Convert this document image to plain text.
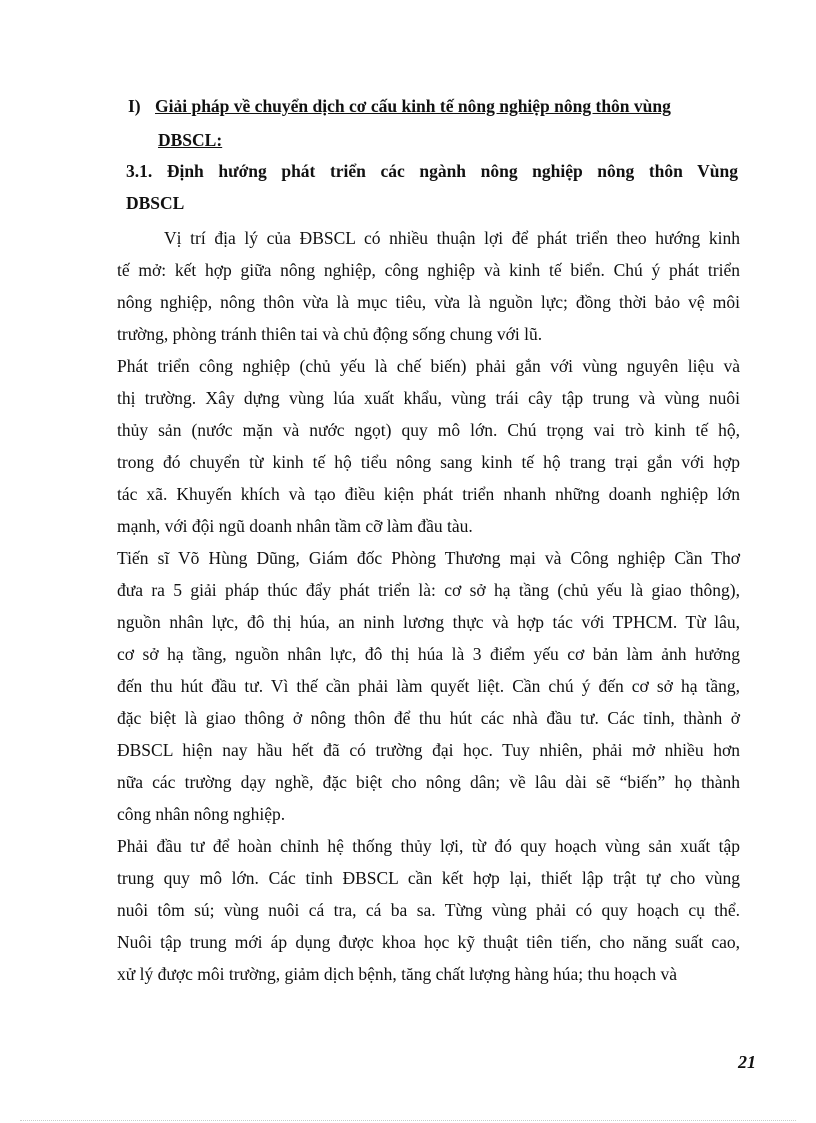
I) Giải pháp về chuyển dịch cơ cấu kinh tế nông nghiệp nông thôn vùng
DBSCL:
3.1. Định hướng phát triển các ngành nông nghiệp nông thôn Vùng
DBSCL
Vị trí địa lý của ĐBSCL có nhiều thuận lợi để phát triển theo hướng kinh
tế mở: kết hợp giữa nông nghiệp, công nghiệp và kinh tế biển. Chú ý phát triển
nông nghiệp, nông thôn vừa là mục tiêu, vừa là nguồn lực; đồng thời bảo vệ môi
trường, phòng tránh thiên tai và chủ động sống chung với lũ.
Phát triển công nghiệp (chủ yếu là chế biến) phải gắn với vùng nguyên liệu và
thị trường. Xây dựng vùng lúa xuất khẩu, vùng trái cây tập trung và vùng nuôi
thủy sản (nước mặn và nước ngọt) quy mô lớn. Chú trọng vai trò kinh tế hộ,
trong đó chuyển từ kinh tế hộ tiểu nông sang kinh tế hộ trang trại gắn với hợp
tác xã. Khuyến khích và tạo điều kiện phát triển nhanh những doanh nghiệp lớn
mạnh, với đội ngũ doanh nhân tầm cỡ làm đầu tàu.
Tiến sĩ Võ Hùng Dũng, Giám đốc Phòng Thương mại và Công nghiệp Cần Thơ
đưa ra 5 giải pháp thúc đẩy phát triển là: cơ sở hạ tầng (chủ yếu là giao thông),
nguồn nhân lực, đô thị húa, an ninh lương thực và hợp tác với TPHCM. Từ lâu,
cơ sở hạ tầng, nguồn nhân lực, đô thị húa là 3 điểm yếu cơ bản làm ảnh hưởng
đến thu hút đầu tư. Vì thế cần phải làm quyết liệt. Cần chú ý đến cơ sở hạ tầng,
đặc biệt là giao thông ở nông thôn để thu hút các nhà đầu tư. Các tỉnh, thành ở
ĐBSCL hiện nay hầu hết đã có trường đại học. Tuy nhiên, phải mở nhiều hơn
nữa các trường dạy nghề, đặc biệt cho nông dân; về lâu dài sẽ “biến” họ thành
công nhân nông nghiệp.
Phải đầu tư để hoàn chỉnh hệ thống thủy lợi, từ đó quy hoạch vùng sản xuất tập
trung quy mô lớn. Các tỉnh ĐBSCL cần kết hợp lại, thiết lập trật tự cho vùng
nuôi tôm sú; vùng nuôi cá tra, cá ba sa. Từng vùng phải có quy hoạch cụ thể.
Nuôi tập trung mới áp dụng được khoa học kỹ thuật tiên tiến, cho năng suất cao,
xử lý được môi trường, giảm dịch bệnh, tăng chất lượng hàng húa; thu hoạch và
21
